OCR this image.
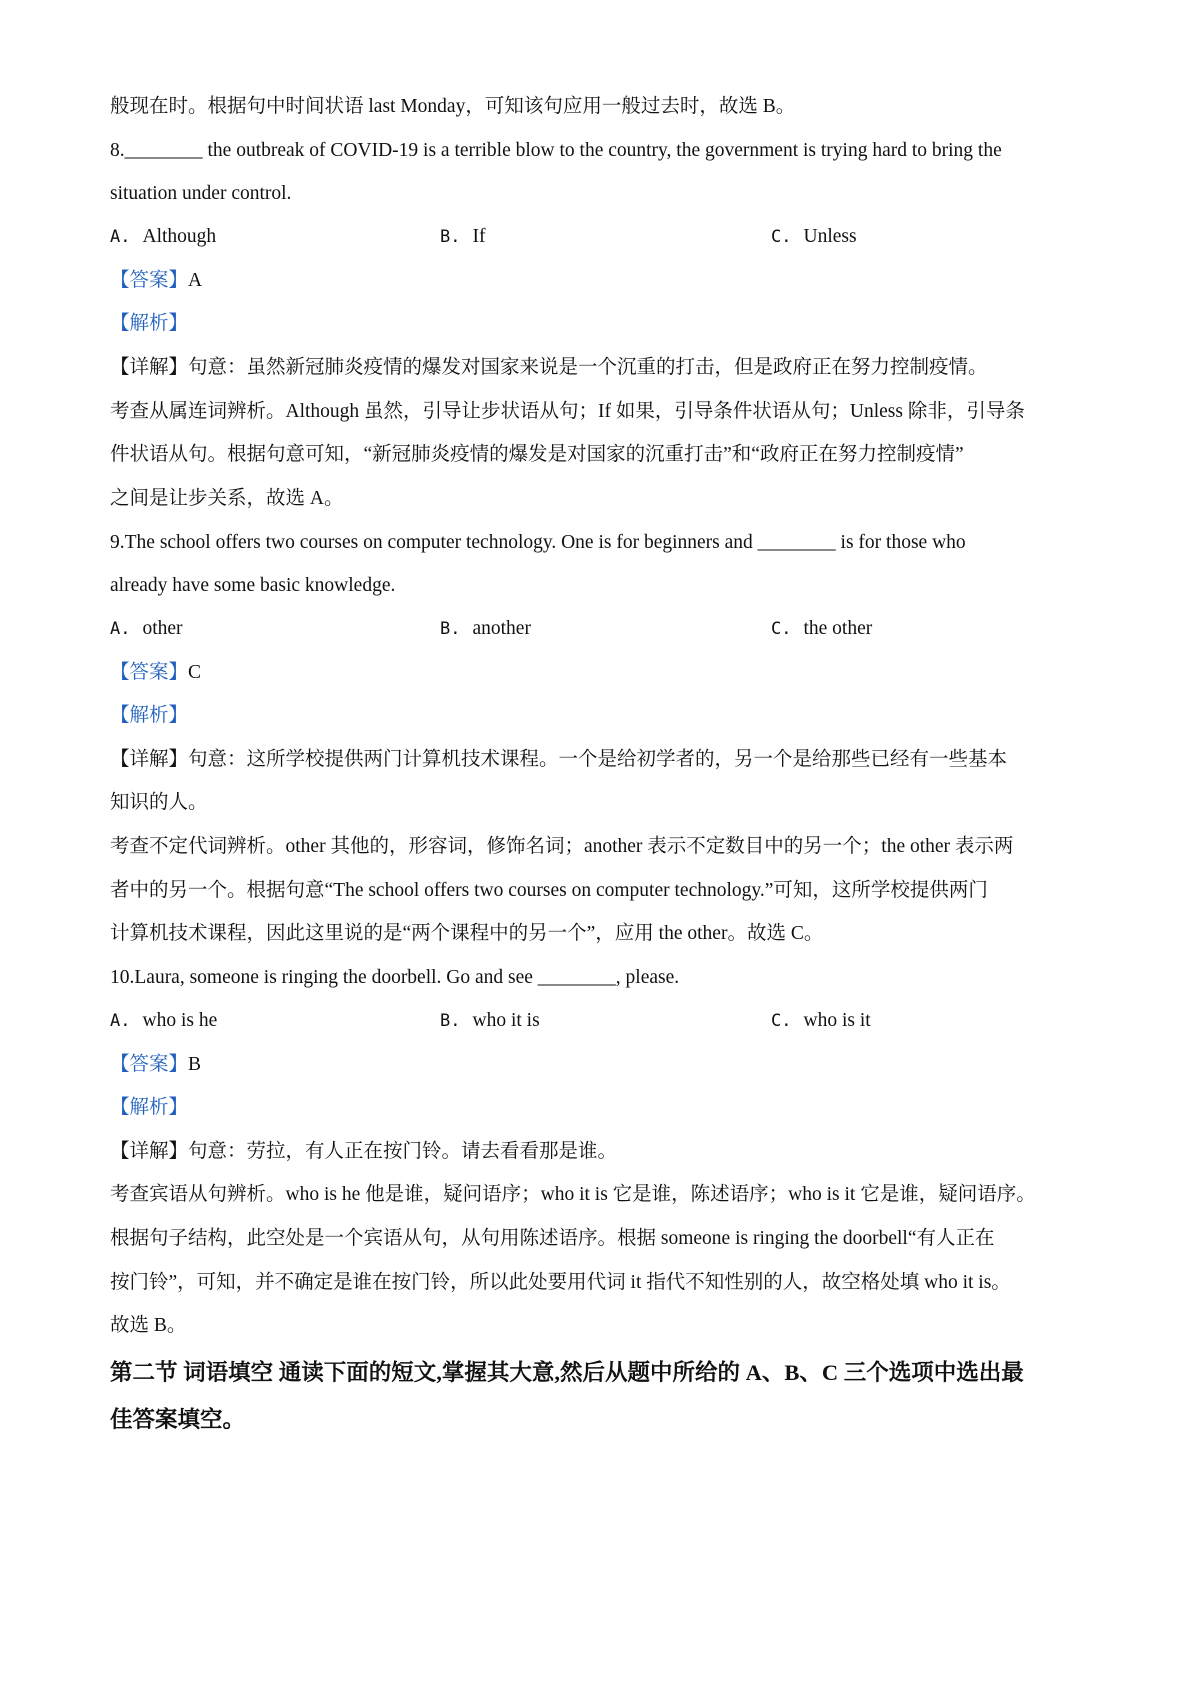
般现在时。根据句中时间状语 last Monday，可知该句应用一般过去时，故选 B。
8.________ the outbreak of COVID-19 is a terrible blow to the country, the government is trying hard to bring the
situation under control.
A. Although	B. If	C. Unless
【答案】A
【解析】
【详解】句意：虽然新冠肺炎疫情的爆发对国家来说是一个沉重的打击，但是政府正在努力控制疫情。
考查从属连词辨析。Although 虽然，引导让步状语从句；If 如果，引导条件状语从句；Unless 除非，引导条
件状语从句。根据句意可知，“新冠肺炎疫情的爆发是对国家的沉重打击”和“政府正在努力控制疫情”
之间是让步关系，故选 A。
9.The school offers two courses on computer technology. One is for beginners and ________ is for those who
already have some basic knowledge.
A. other	B. another	C. the other
【答案】C
【解析】
【详解】句意：这所学校提供两门计算机技术课程。一个是给初学者的，另一个是给那些已经有一些基本
知识的人。
考查不定代词辨析。other 其他的，形容词，修饰名词；another 表示不定数目中的另一个；the other 表示两
者中的另一个。根据句意“The school offers two courses on computer technology.”可知，这所学校提供两门
计算机技术课程，因此这里说的是“两个课程中的另一个”，应用 the other。故选 C。
10.Laura, someone is ringing the doorbell. Go and see ________, please.
A. who is he	B. who it is	C. who is it
【答案】B
【解析】
【详解】句意：劳拉，有人正在按门铃。请去看看那是谁。
考查宾语从句辨析。who is he 他是谁，疑问语序；who it is 它是谁，陈述语序；who is it 它是谁，疑问语序。
根据句子结构，此空处是一个宾语从句，从句用陈述语序。根据 someone is ringing the doorbell“有人正在
按门铃”，可知，并不确定是谁在按门铃，所以此处要用代词 it 指代不知性别的人，故空格处填 who it is。
故选 B。
第二节 词语填空 通读下面的短文,掌握其大意,然后从题中所给的 A、B、C 三个选项中选出最
佳答案填空。
